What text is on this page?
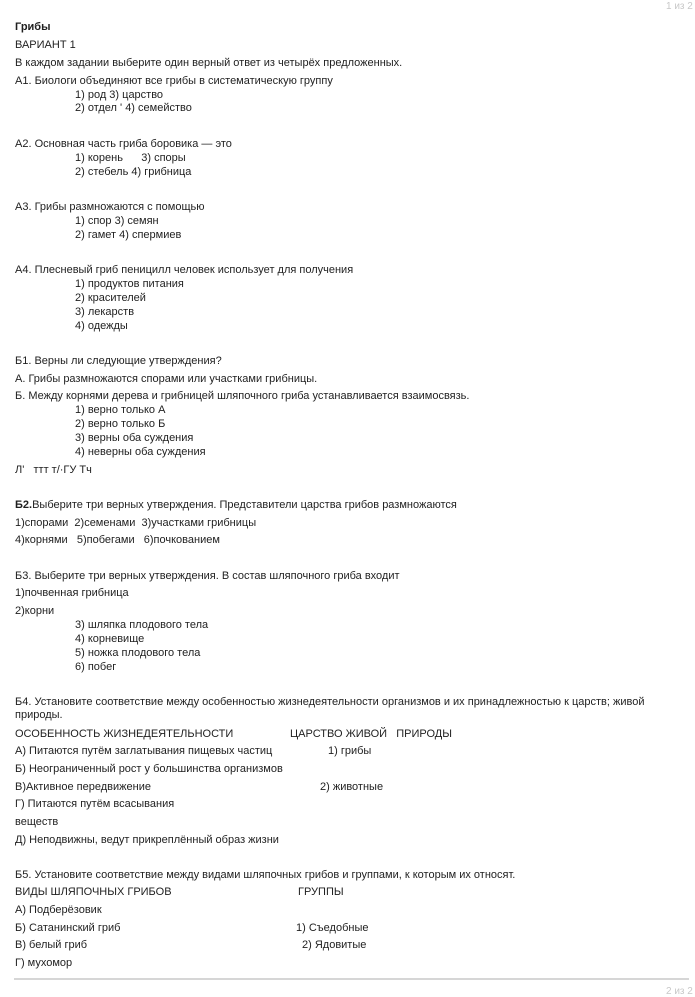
1 из 2
Грибы
ВАРИАНТ 1
В каждом задании выберите один верный ответ из четырёх предложенных.
А1. Биологи объединяют все грибы в систематическую группу
1) род 3) царство
2) отдел ' 4) семейство
А2. Основная часть гриба боровика — это
1) корень      3) споры
2) стебель 4) грибница
А3. Грибы размножаются с помощью
1) спор 3) семян
2) гамет 4) спермиев
А4. Плесневый гриб пеницилл человек использует для получения
1) продуктов питания
2) красителей
3) лекарств
4) одежды
Б1. Верны ли следующие утверждения?
А. Грибы размножаются спорами или участками грибницы.
Б. Между корнями дерева и грибницей шляпочного гриба устанавливается взаимосвязь.
1) верно только А
2) верно только Б
3) верны оба суждения
4) неверны оба суждения
Л'   ттт т/·ГУ Тч
Б2.Выберите три верных утверждения. Представители царства грибов размножаются
1)спорами  2)семенами  3)участками грибницы
4)корнями   5)побегами   6)почкованием
Б3. Выберите три верных утверждения. В состав шляпочного гриба входит
1)почвенная грибница
2)корни
3) шляпка плодового тела
4) корневище
5) ножка плодового тела
6) побег
Б4. Установите соответствие между особенностью жизнедеятельности организмов и их принадлежностью к царств; живой природы.
ОСОБЕННОСТЬ ЖИЗНЕДЕЯТЕЛЬНОСТИ	ЦАРСТВО ЖИВОЙ   ПРИРОДЫ
А) Питаются путём заглатывания пищевых частиц	1) грибы
Б) Неограниченный рост у большинства организмов
В)Активное передвижение	2) животные
Г) Питаются путём всасывания
веществ
Д) Неподвижны, ведут прикреплённый образ жизни
Б5. Установите соответствие между видами шляпочных грибов и группами, к которым их относят.
ВИДЫ ШЛЯПОЧНЫХ ГРИБОВ	ГРУППЫ
А) Подберёзовик
Б) Сатанинский гриб	1) Съедобные
В) белый гриб	2) Ядовитые
Г) мухомор
2 из 2
